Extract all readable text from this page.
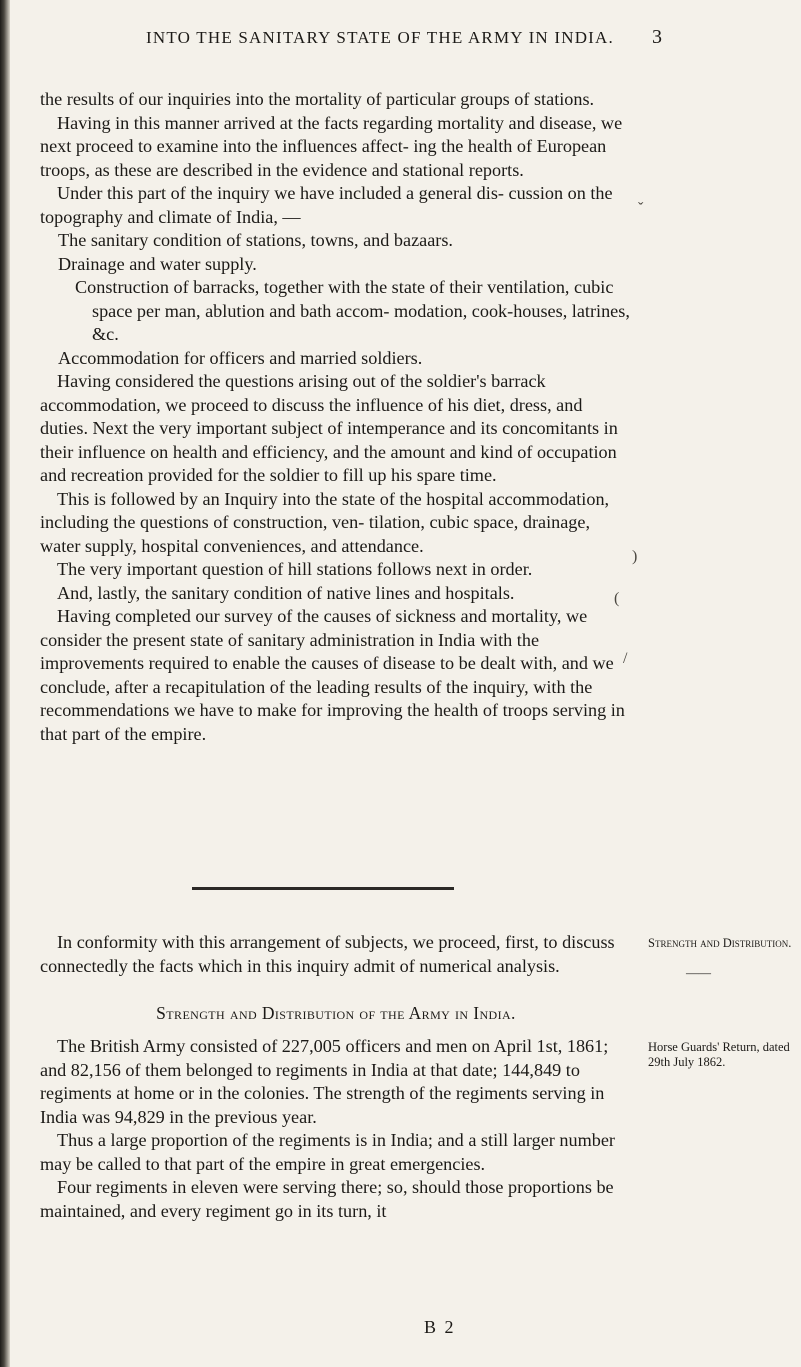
INTO THE SANITARY STATE OF THE ARMY IN INDIA.	3

the results of our inquiries into the mortality of particular groups of stations.

Having in this manner arrived at the facts regarding mortality and disease, we next proceed to examine into the influences affect- ing the health of European troops, as these are described in the evidence and stational reports.

Under this part of the inquiry we have included a general dis- cussion on the topography and climate of India, —

The sanitary condition of stations, towns, and bazaars.

Drainage and water supply.

Construction of barracks, together with the state of their ventilation, cubic space per man, ablution and bath accom- modation, cook-houses, latrines, &c.

Accommodation for officers and married soldiers.

Having considered the questions arising out of the soldier's barrack accommodation, we proceed to discuss the influence of his diet, dress, and duties. Next the very important subject of intemperance and its concomitants in their influence on health and efficiency, and the amount and kind of occupation and recreation provided for the soldier to fill up his spare time.

This is followed by an Inquiry into the state of the hospital accommodation, including the questions of construction, ven- tilation, cubic space, drainage, water supply, hospital conveniences, and attendance.

The very important question of hill stations follows next in order.

And, lastly, the sanitary condition of native lines and hospitals.

Having completed our survey of the causes of sickness and mortality, we consider the present state of sanitary administration in India with the improvements required to enable the causes of disease to be dealt with, and we conclude, after a recapitulation of the leading results of the inquiry, with the recommendations we have to make for improving the health of troops serving in that part of the empire.

In conformity with this arrangement of subjects, we proceed, first, to discuss connectedly the facts which in this inquiry admit of numerical analysis.

Strength and Distribution of the Army in India.

The British Army consisted of 227,005 officers and men on April 1st, 1861; and 82,156 of them belonged to regiments in India at that date; 144,849 to regiments at home or in the colonies. The strength of the regiments serving in India was 94,829 in the previous year.

Thus a large proportion of the regiments is in India; and a still larger number may be called to that part of the empire in great emergencies.

Four regiments in eleven were serving there; so, should those proportions be maintained, and every regiment go in its turn, it

Strength and Distribution.
——
Horse Guards' Return, dated 29th July 1862.
B 2
ˇ
)
(
/
